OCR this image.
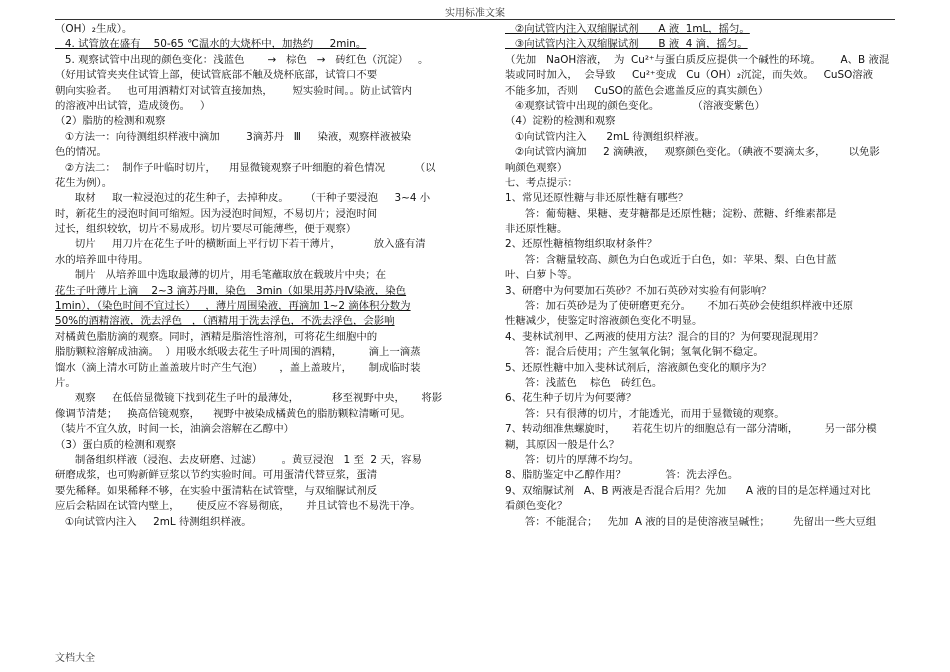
实用标准文案
（OH）₂生成）。
4. 试管放在盛有    50-65 ℃温水的大烧杯中，加热约     2min。
5. 观察试管中出现的颜色变化：浅蓝色       →   棕色   →   砖红色（沉淀）   。
（好用试管夹夹住试管上部，使试管底部不触及烧杯底部，试管口不要
朝向实验者。   也可用酒精灯对试管直接加热，      短实验时间。。防止试管内
的溶液冲出试管，造成烫伤。   ）
（2）脂肪的检测和观察
①方法一：向待测组织样液中滴加        3滴苏丹   Ⅲ     染液，观察样液被染
色的情况。
②方法二：  制作子叶临时切片，    用显微镜观察子叶细胞的着色情况         （以
花生为例）。
取材     取一粒浸泡过的花生种子，去掉种皮。     （干种子要浸泡     3~4 小
时，新花生的浸泡时间可缩短。因为浸泡时间短，不易切片；浸泡时间
过长，组织较软，切片不易成形。切片要尽可能薄些，便于观察）
切片     用刀片在花生子叶的横断面上平行切下若干薄片，          放入盛有清
水的培养皿中待用。
制片   从培养皿中选取最薄的切片，用毛笔蘸取放在载玻片中央；在
花生子叶薄片上滴    2~3 滴苏丹Ⅲ，染色   3min（如果用苏丹Ⅳ染液，染色
1min），（染色时间不宜过长）   ，薄片周围染液，再滴加 1~2 滴体积分数为
50%的酒精溶液，洗去浮色   ，（酒精用于洗去浮色，不洗去浮色，会影响
对橘黄色脂肪滴的观察。同时，酒精是脂溶性溶剂，可将花生细胞中的
脂肪颗粒溶解成油滴。  ）用吸水纸吸去花生子叶周围的酒精，        滴上一滴蒸
馏水（滴上清水可防止盖盖玻片时产生气泡）     ，盖上盖玻片，     制成临时装
片。
观察     在低倍显微镜下找到花生子叶的最薄处，          移至视野中央，     将影
像调节清楚；   换高倍镜观察，    视野中被染成橘黄色的脂肪颗粒清晰可见。
（装片不宜久放，时间一长，油滴会溶解在乙醇中）
（3）蛋白质的检测和观察
制备组织样液（浸泡、去皮研磨、过滤）      。黄豆浸泡   1 至  2 天，容易
研磨成浆，也可购新鲜豆浆以节约实验时间。可用蛋清代替豆浆，蛋清
要先稀释。如果稀释不够，在实验中蛋清粘在试管壁，与双缩脲试剂反
应后会粘固在试管内壁上，     使反应不容易彻底，     并且试管也不易洗干净。
①向试管内注入     2mL 待测组织样液。
②向试管内注入双缩脲试剂      A 液  1mL，摇匀。
③向试管内注入双缩脲试剂      B 液  4 滴，摇匀。
（先加   NaOH溶液，  为  Cu²⁺与蛋白质反应提供一个碱性的环境。      A、B 液混
装或同时加入，  会导致     Cu²⁺变成   Cu（OH）₂沉淀，而失效。   CuSO溶液
不能多加，否则     CuSO的蓝色会遮盖反应的真实颜色）
④观察试管中出现的颜色变化。          （溶液变紫色）
（4）淀粉的检测和观察
①向试管内注入      2mL 待测组织样液。
②向试管内滴加     2 滴碘液，   观察颜色变化。（碘液不要滴太多，       以免影
响颜色观察）
七、考点提示：
1、常见还原性糖与非还原性糖有哪些？
答：葡萄糖、果糖、麦芽糖都是还原性糖；淀粉、蔗糖、纤维素都是
非还原性糖。
2、还原性糖植物组织取材条件？
答：含糖量较高、颜色为白色或近于白色，如：苹果、梨、白色甘蓝
叶、白萝卜等。
3、研磨中为何要加石英砂？不加石英砂对实验有何影响？
答：加石英砂是为了使研磨更充分。     不加石英砂会使组织样液中还原
性糖减少，使鉴定时溶液颜色变化不明显。
4、斐林试剂甲、乙两液的使用方法？混合的目的？为何要现混现用？
答：混合后使用；产生氢氧化铜；氢氧化铜不稳定。
5、还原性糖中加入斐林试剂后，溶液颜色变化的顺序为？
答：浅蓝色    棕色   砖红色。
6、花生种子切片为何要薄？
答：只有很薄的切片，才能透光，而用于显微镜的观察。
7、转动细准焦螺旋时，     若花生切片的细胞总有一部分清晰，        另一部分模
糊，其原因一般是什么？
答：切片的厚薄不均匀。
8、脂肪鉴定中乙醇作用？            答：洗去浮色。
9、双缩脲试剂   A、B 两液是否混合后用？先加      A 液的目的是怎样通过对比
看颜色变化？
答：不能混合；   先加  A 液的目的是使溶液呈碱性；       先留出一些大豆组
文档大全
